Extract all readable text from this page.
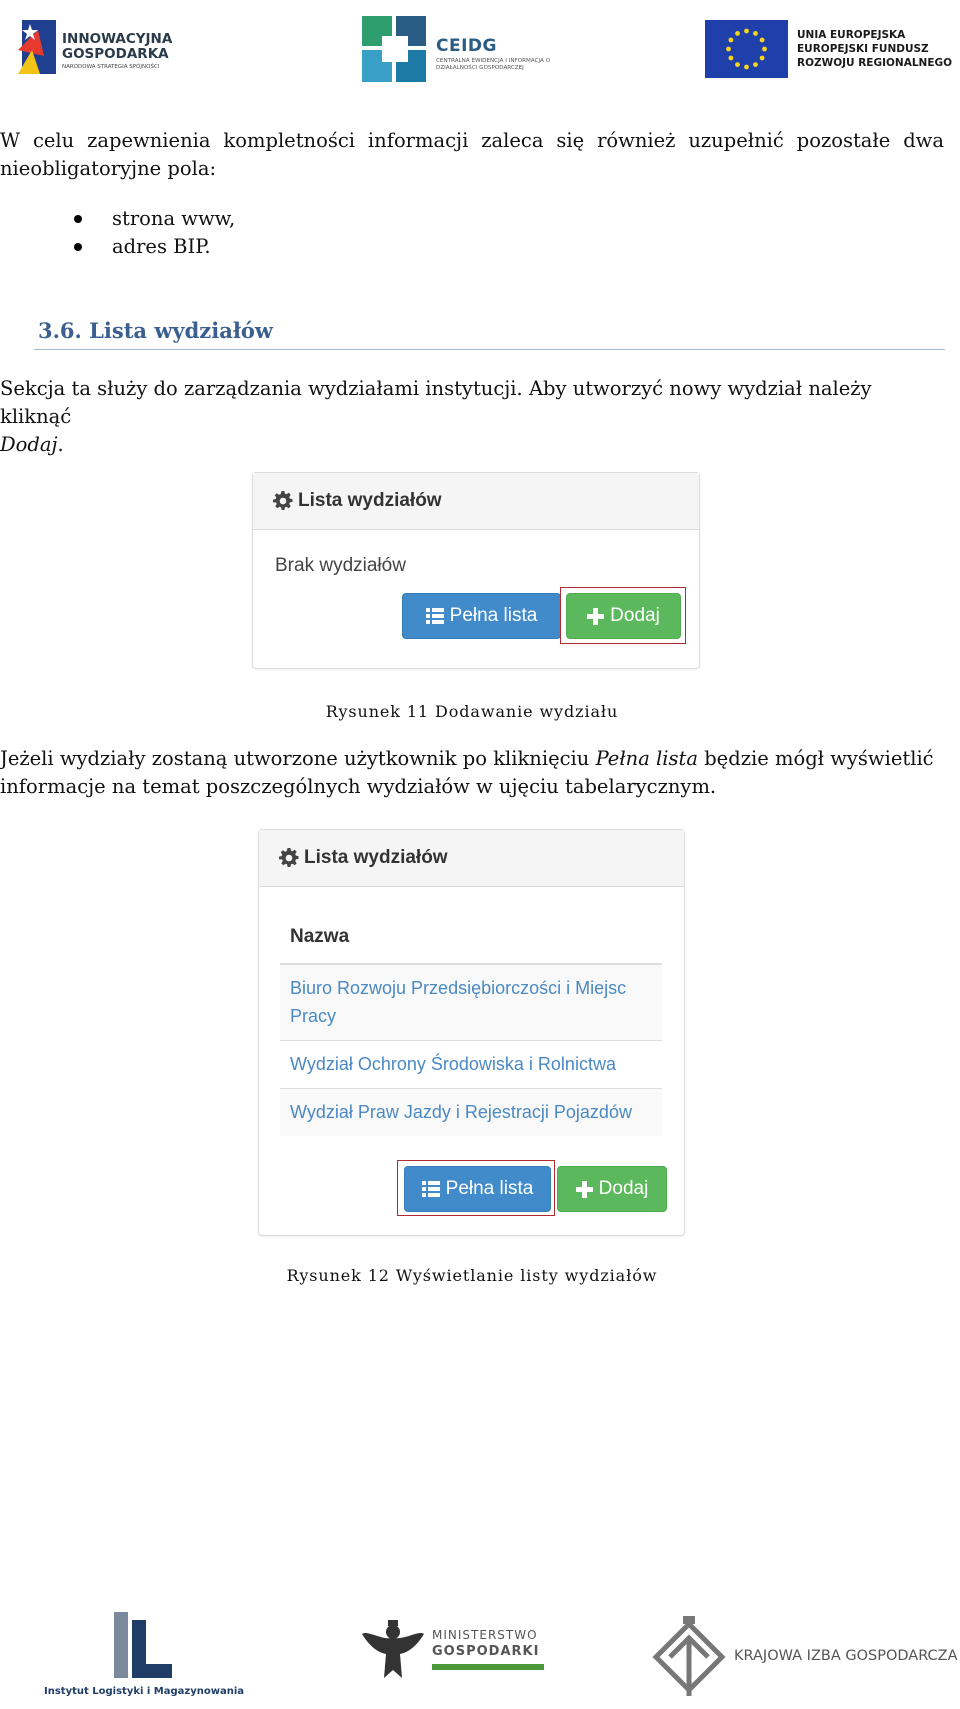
INNOWACYJNA
GOSPODARKA
NARODOWA STRATEGIA SPÓJNOŚCI
CEIDG
CENTRALNA EWIDENCJA I INFORMACJA O DZIAŁALNOŚCI GOSPODARCZEJ
UNIA EUROPEJSKA
EUROPEJSKI FUNDUSZ
ROZWOJU REGIONALNEGO

W celu zapewnienia kompletności informacji zaleca się również uzupełnić pozostałe dwa nieobligatoryjne pola:

strona www,
adres BIP.
3.6. Lista wydziałów

Sekcja ta służy do zarządzania wydziałami instytucji. Aby utworzyć nowy wydział należy kliknąć
Dodaj.

Lista wydziałów
Brak wydziałów
Pełna lista	Dodaj
Rysunek 11 Dodawanie wydziału

Jeżeli wydziały zostaną utworzone użytkownik po kliknięciu Pełna lista będzie mógł wyświetlić informacje na temat poszczególnych wydziałów w ujęciu tabelarycznym.

Lista wydziałów
Nazwa
Biuro Rozwoju Przedsiębiorczości i Miejsc Pracy
Wydział Ochrony Środowiska i Rolnictwa
Wydział Praw Jazdy i Rejestracji Pojazdów
Pełna lista	Dodaj
Rysunek 12 Wyświetlanie listy wydziałów
Instytut Logistyki i Magazynowania
MINISTERSTWO
GOSPODARKI	KRAJOWA IZBA GOSPODARCZA
